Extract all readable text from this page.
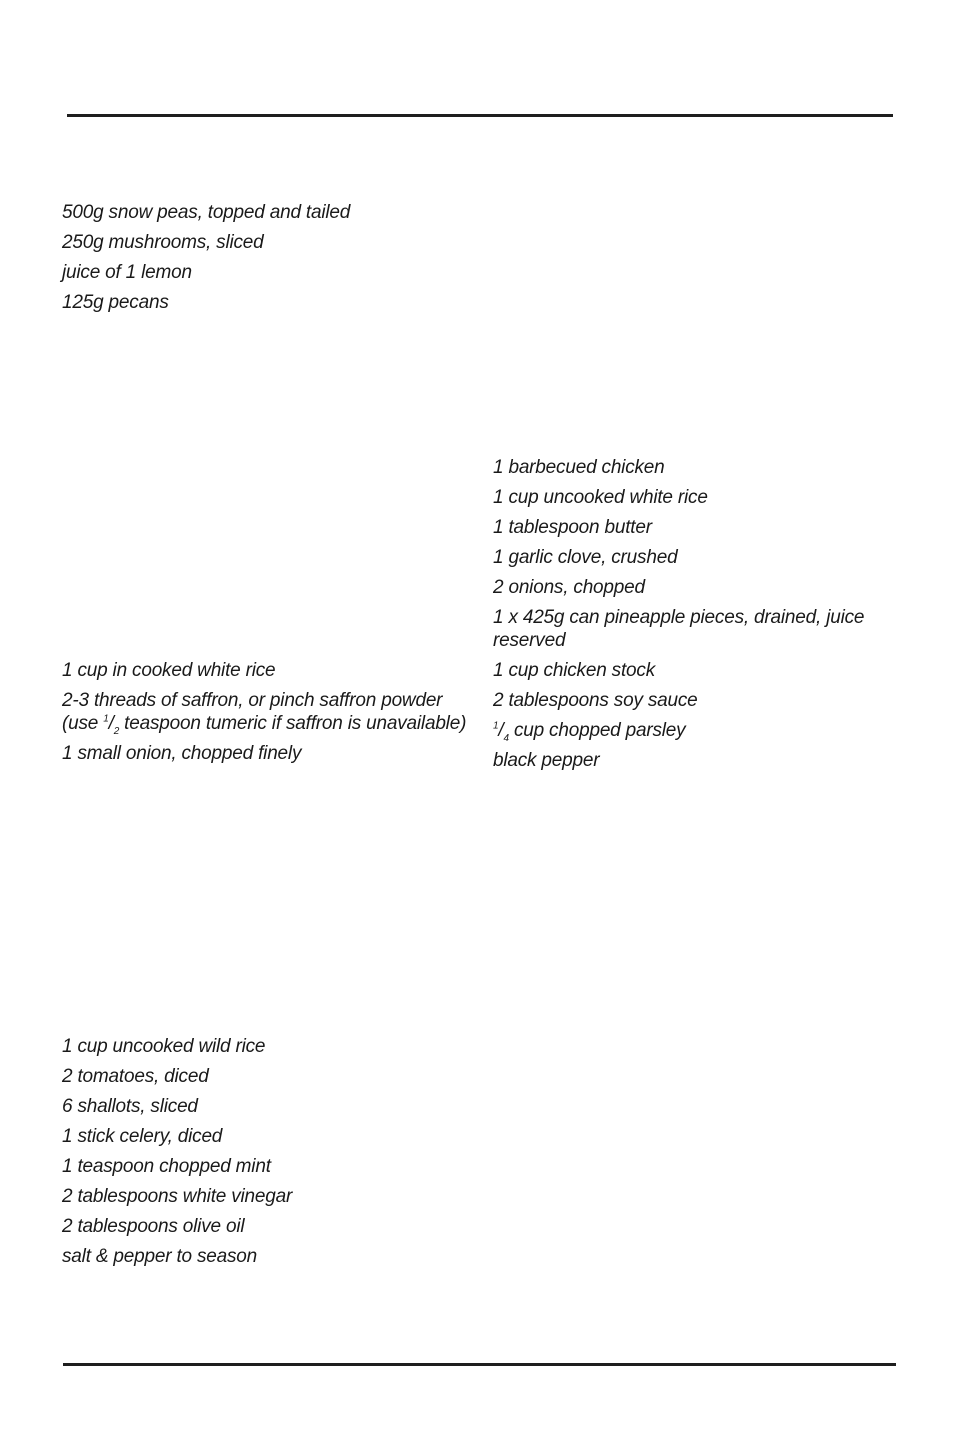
500g snow peas, topped and tailed
250g mushrooms, sliced
juice of 1 lemon
125g pecans
1 cup in cooked white rice
2-3 threads of saffron, or pinch saffron powder
(use $^1/_2$ teaspoon tumeric if saffron is unavailable)
1 small onion, chopped finely
1 barbecued chicken
1 cup uncooked white rice
1 tablespoon butter
1 garlic clove, crushed
2 onions, chopped
1 x 425g can pineapple pieces, drained, juice
reserved
1 cup chicken stock
2 tablespoons soy sauce
$^1/_4$ cup chopped parsley
black pepper
1 cup uncooked wild rice
2 tomatoes, diced
6 shallots, sliced
1 stick celery, diced
1 teaspoon chopped mint
2 tablespoons white vinegar
2 tablespoons olive oil
salt & pepper to season
